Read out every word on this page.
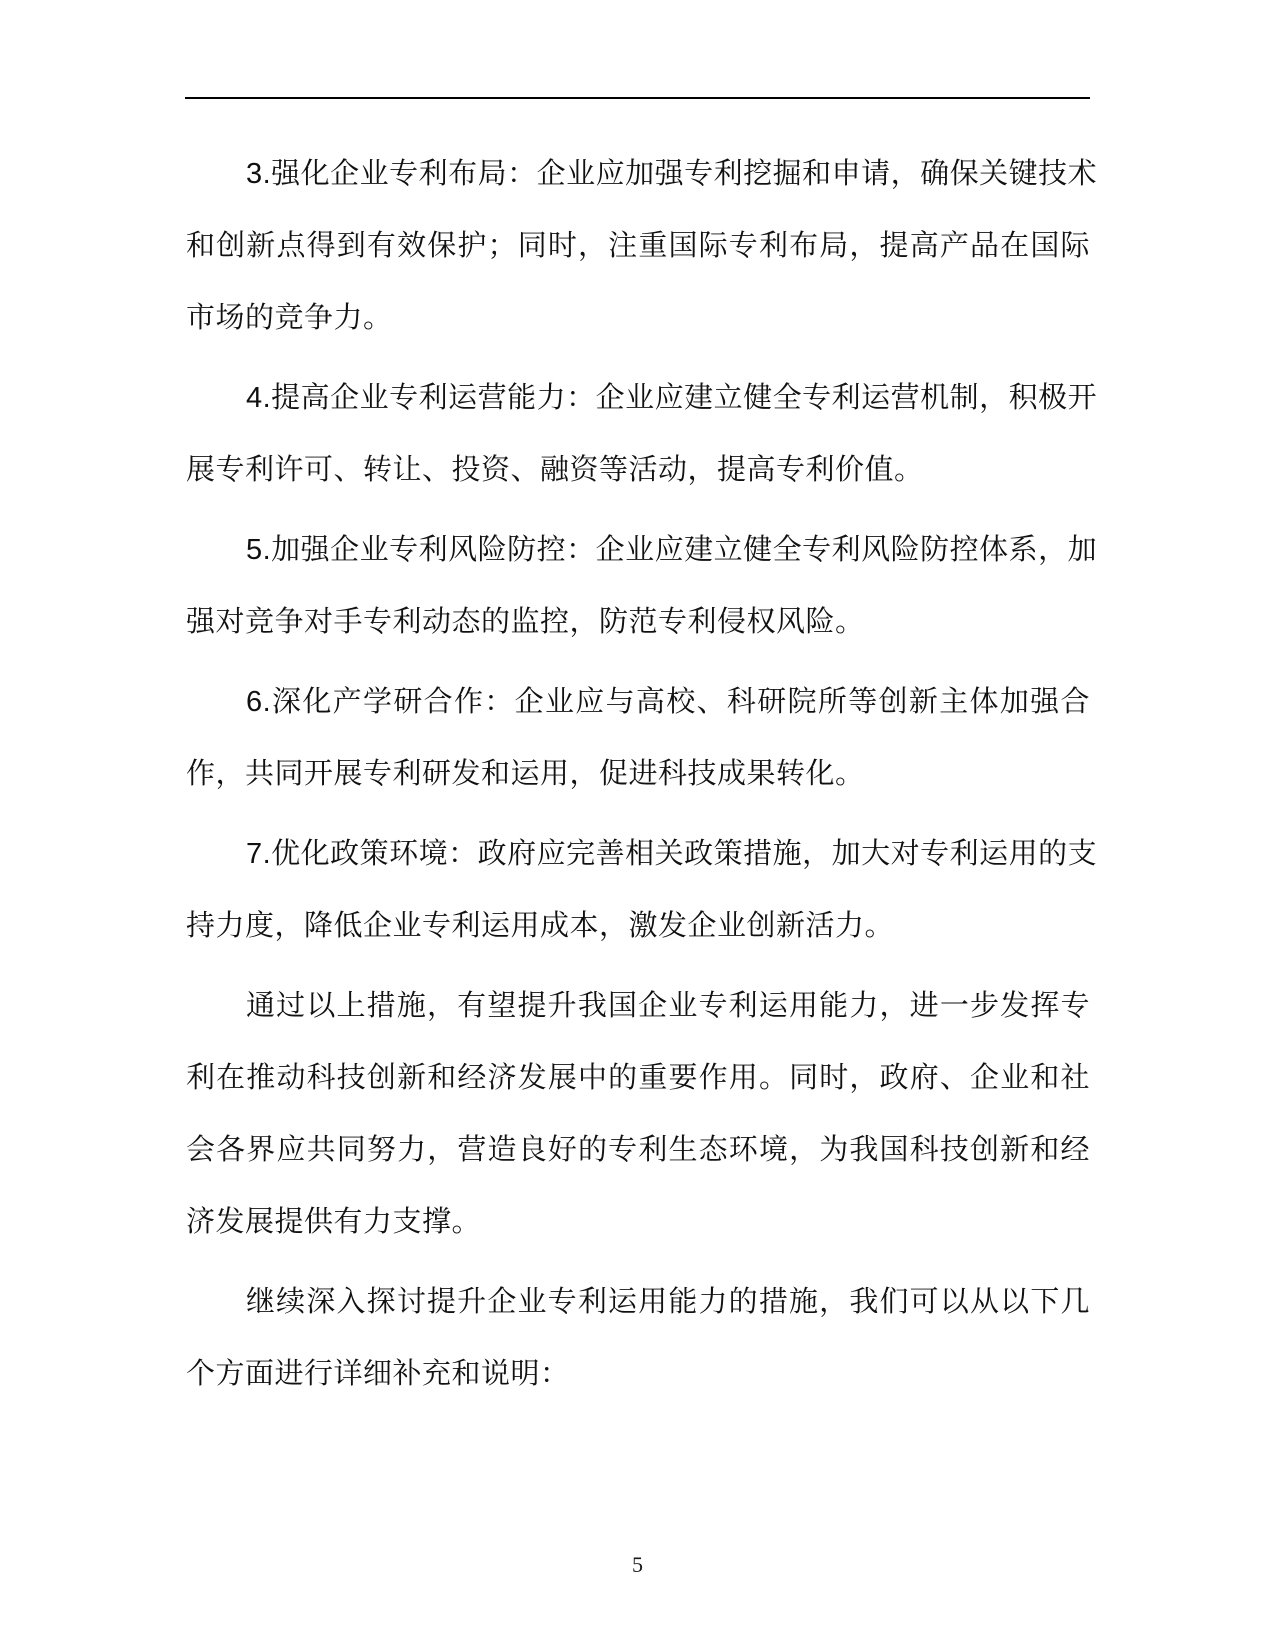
3.强化企业专利布局：企业应加强专利挖掘和申请，确保关键技术
和创新点得到有效保护；同时，注重国际专利布局，提高产品在国际
市场的竞争力。

4.提高企业专利运营能力：企业应建立健全专利运营机制，积极开
展专利许可、转让、投资、融资等活动，提高专利价值。

5.加强企业专利风险防控：企业应建立健全专利风险防控体系，加
强对竞争对手专利动态的监控，防范专利侵权风险。

6.深化产学研合作：企业应与高校、科研院所等创新主体加强合
作，共同开展专利研发和运用，促进科技成果转化。

7.优化政策环境：政府应完善相关政策措施，加大对专利运用的支
持力度，降低企业专利运用成本，激发企业创新活力。

通过以上措施，有望提升我国企业专利运用能力，进一步发挥专
利在推动科技创新和经济发展中的重要作用。同时，政府、企业和社
会各界应共同努力，营造良好的专利生态环境，为我国科技创新和经
济发展提供有力支撑。

继续深入探讨提升企业专利运用能力的措施，我们可以从以下几
个方面进行详细补充和说明：

5
